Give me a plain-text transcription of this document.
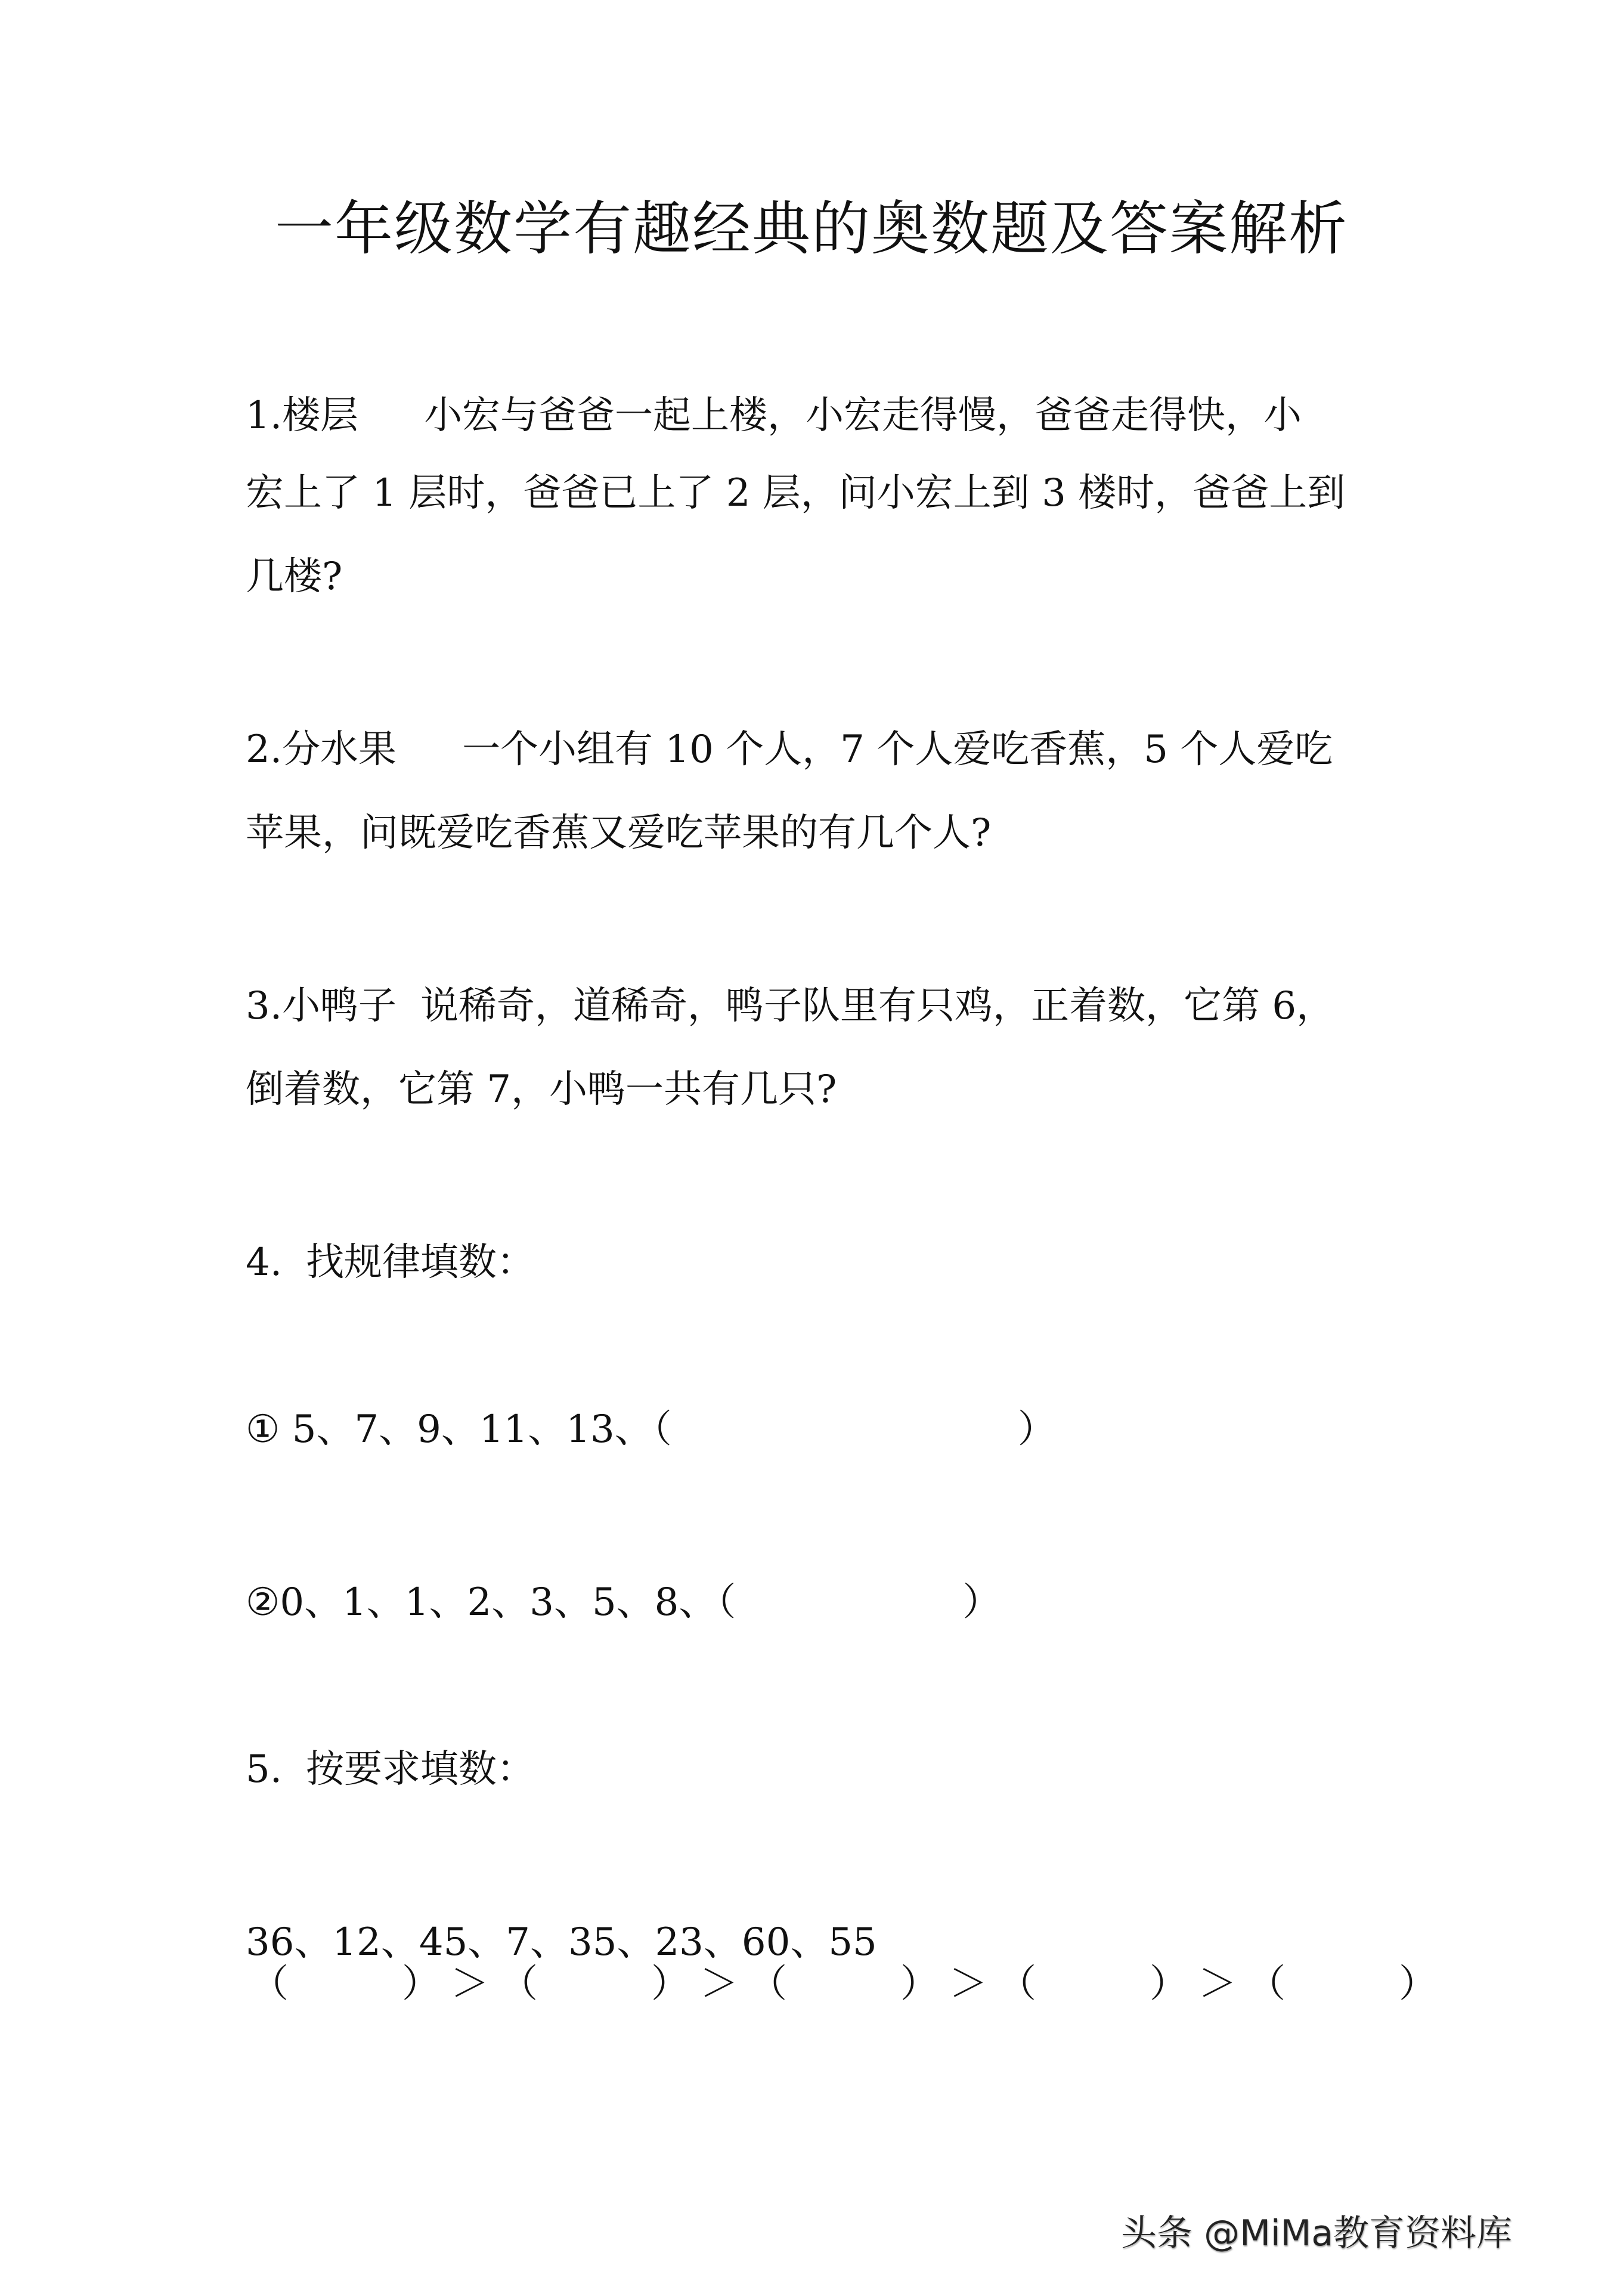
一年级数学有趣经典的奥数题及答案解析
1.楼层 小宏与爸爸一起上楼，小宏走得慢，爸爸走得快，小
宏上了 1 层时，爸爸已上了 2 层，问小宏上到 3 楼时，爸爸上到
几楼?
2.分水果 一个小组有 10 个人，7 个人爱吃香蕉，5 个人爱吃
苹果，问既爱吃香蕉又爱吃苹果的有几个人?
3.小鸭子 说稀奇，道稀奇，鸭子队里有只鸡，正着数，它第 6，
倒着数，它第 7，小鸭一共有几只?
4. 找规律填数：
① 5、7、9、11、13、（	）
②0、1、1、2、3、5、8、（	）
5. 按要求填数：
36、12、45、7、35、23、60、55
（	） ＞ （	） ＞ （	） ＞ （	） ＞ （	）
头条 @MiMa教育资料库
